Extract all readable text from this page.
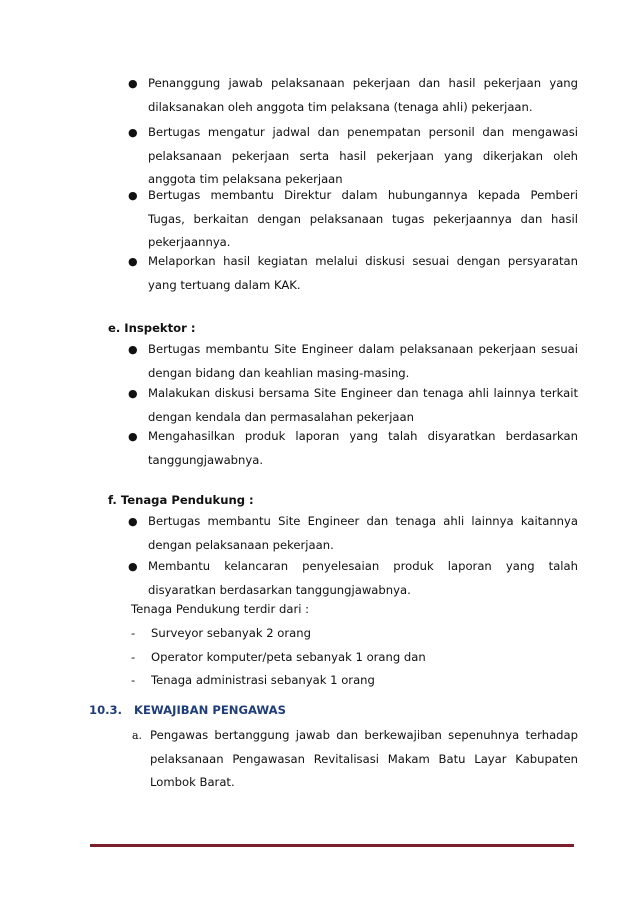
● Penanggung jawab pelaksanaan pekerjaan dan hasil pekerjaan yang dilaksanakan oleh anggota tim pelaksana (tenaga ahli) pekerjaan.
● Bertugas mengatur jadwal dan penempatan personil dan mengawasi pelaksanaan pekerjaan serta hasil pekerjaan yang dikerjakan oleh anggota tim pelaksana pekerjaan
● Bertugas membantu Direktur dalam hubungannya kepada Pemberi Tugas, berkaitan dengan pelaksanaan tugas pekerjaannya dan hasil pekerjaannya.
● Melaporkan hasil kegiatan melalui diskusi sesuai dengan persyaratan yang tertuang dalam KAK.
e. Inspektor :
● Bertugas membantu Site Engineer dalam pelaksanaan pekerjaan sesuai dengan bidang dan keahlian masing-masing.
● Malakukan diskusi bersama Site Engineer dan tenaga ahli lainnya terkait dengan kendala dan permasalahan pekerjaan
● Mengahasilkan produk laporan yang talah disyaratkan berdasarkan tanggungjawabnya.
f. Tenaga Pendukung :
● Bertugas membantu Site Engineer dan tenaga ahli lainnya kaitannya dengan pelaksanaan pekerjaan.
● Membantu kelancaran penyelesaian produk laporan yang talah disyaratkan berdasarkan tanggungjawabnya.
Tenaga Pendukung terdir dari :
- Surveyor sebanyak 2 orang
- Operator komputer/peta sebanyak 1 orang dan
- Tenaga administrasi sebanyak 1 orang
10.3. KEWAJIBAN PENGAWAS
a. Pengawas bertanggung jawab dan berkewajiban sepenuhnya terhadap pelaksanaan Pengawasan Revitalisasi Makam Batu Layar Kabupaten Lombok Barat.
